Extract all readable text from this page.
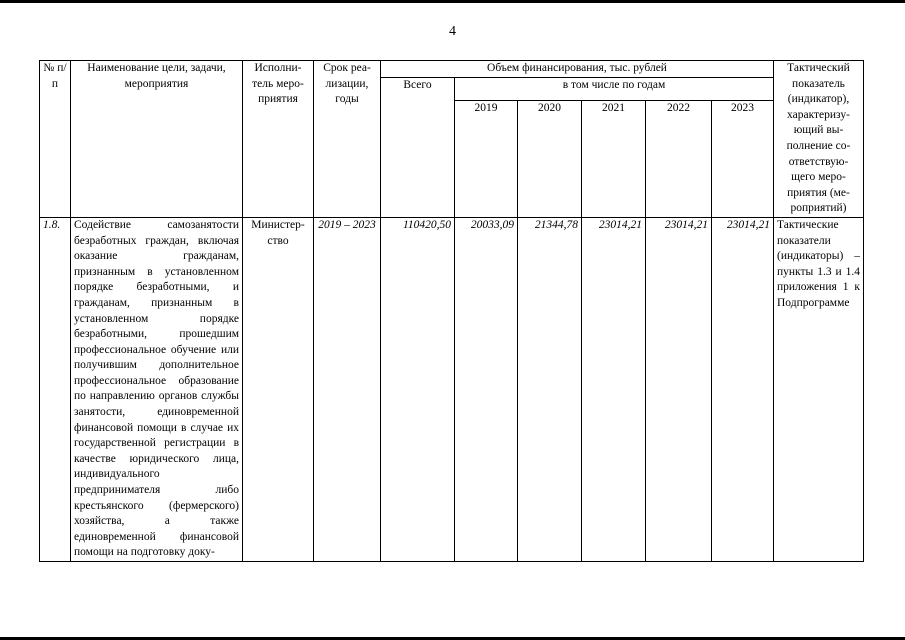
4
№ п/п	Наименование цели, задачи, мероприятия	Исполни-тель меро-приятия	Срок реа-лизации, годы	Объем финансирования, тыс. рублей						Тактический показатель (индикатор), характеризу-ющий вы-полнение со-ответствую-щего меро-приятия (ме-роприятий)
				Всего	в том числе по годам					
					2019	2020	2021	2022	2023	
1.8.	Содействие самозанятости безработных граждан, включая оказание гражданам, признанным в установленном порядке безработными, и гражданам, признанным в установленном порядке безработными, прошедшим профессиональное обучение или получившим дополнительное профессиональное образование по направлению органов службы занятости, единовременной финансовой помощи в случае их государственной регистрации в качестве юридического лица, индивидуального предпринимателя либо крестьянского (фермерского) хозяйства, а также единовременной финансовой помощи на подготовку доку-	Министер-ство	2019 – 2023	110420,50	20033,09	21344,78	23014,21	23014,21	23014,21	Тактические показатели (индикаторы) – пункты 1.3 и 1.4 приложения 1 к Подпрограмме
